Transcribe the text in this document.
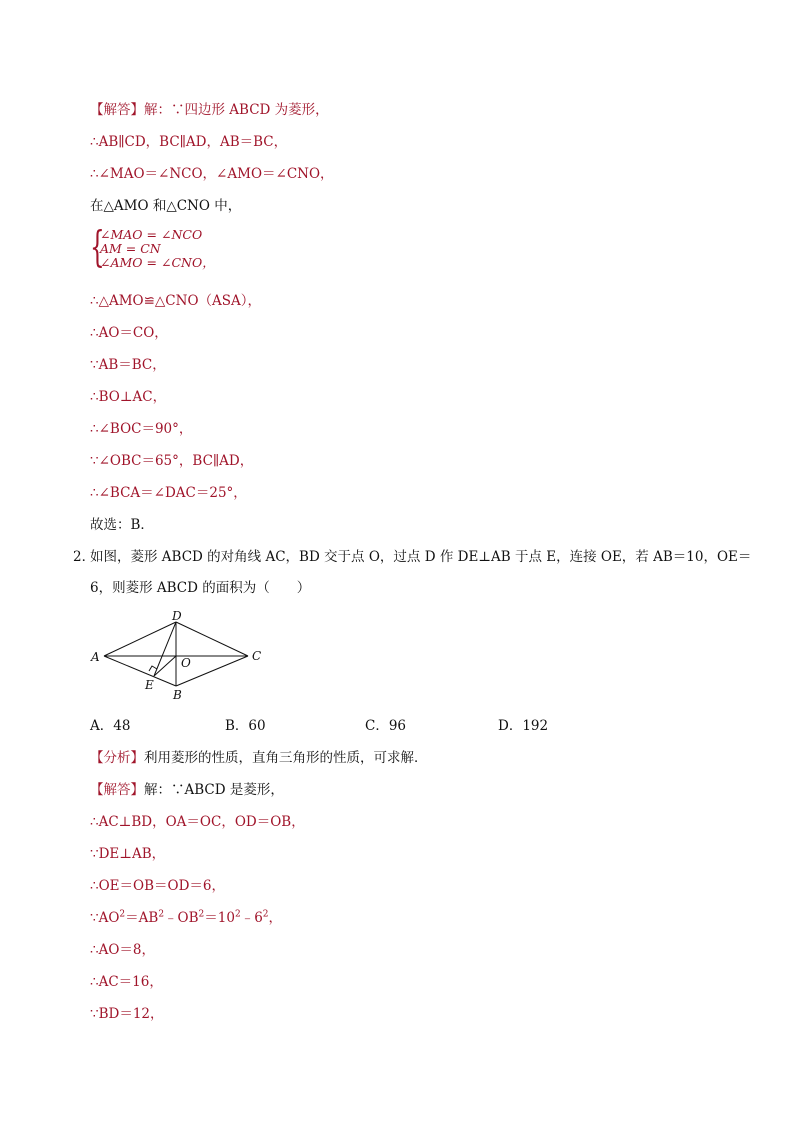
【解答】解：∵四边形 ABCD 为菱形，
∴AB∥CD，BC∥AD，AB＝BC，
∴∠MAO＝∠NCO，∠AMO＝∠CNO，
在△AMO 和△CNO 中，
{
∠MAO = ∠NCO
AM = CN
∠AMO = ∠CNO，
∴△AMO≌△CNO（ASA），
∴AO＝CO，
∵AB＝BC，
∴BO⊥AC，
∴∠BOC＝90°，
∵∠OBC＝65°，BC∥AD，
∴∠BCA＝∠DAC＝25°，
故选：B．
2．
如图，菱形 ABCD 的对角线 AC，BD 交于点 O，过点 D 作 DE⊥AB 于点 E，连接 OE，若 AB＝10，OE＝
6，则菱形 ABCD 的面积为（　　）
A
D
C
B
O
E
A．48	B．60	C．96	D．192
【分析】利用菱形的性质，直角三角形的性质，可求解．
【解答】解：∵ABCD 是菱形，
∴AC⊥BD，OA＝OC，OD＝OB，
∵DE⊥AB，
∴OE＝OB＝OD＝6，
$\because AO^2=AB^2﹣OB^2=10^2﹣6^2$，
∴AO＝8，
∴AC＝16，
∵BD＝12，
